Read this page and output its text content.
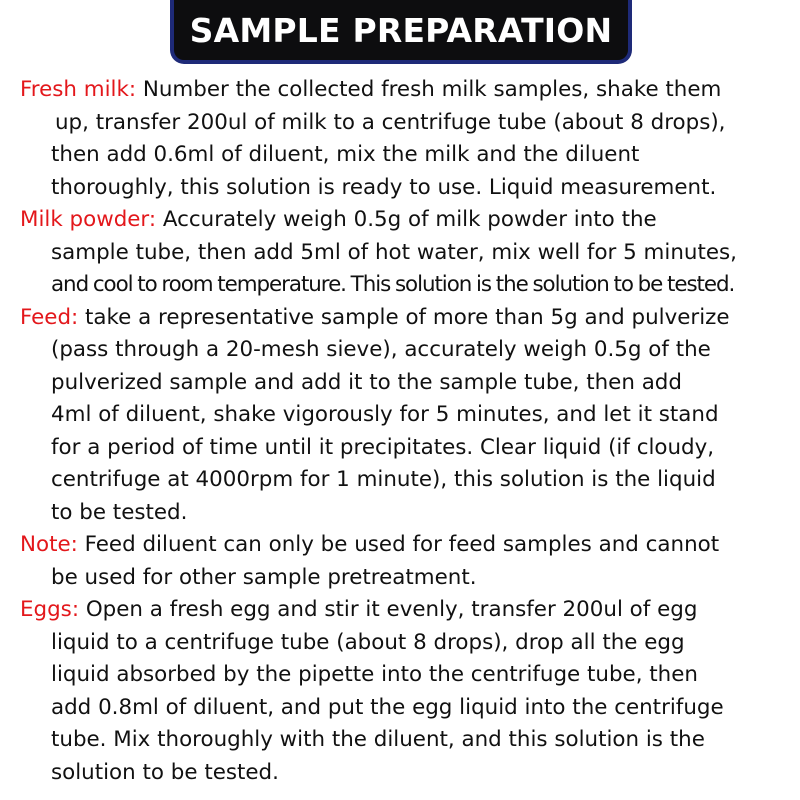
SAMPLE PREPARATION
Fresh milk: Number the collected fresh milk samples, shake them
up, transfer 200ul of milk to a centrifuge tube (about 8 drops),
then add 0.6ml of diluent, mix the milk and the diluent
thoroughly, this solution is ready to use. Liquid measurement.
Milk powder: Accurately weigh 0.5g of milk powder into the
sample tube, then add 5ml of hot water, mix well for 5 minutes,
and cool to room temperature. This solution is the solution to be tested.
Feed: take a representative sample of more than 5g and pulverize
(pass through a 20-mesh sieve), accurately weigh 0.5g of the
pulverized sample and add it to the sample tube, then add
4ml of diluent, shake vigorously for 5 minutes, and let it stand
for a period of time until it precipitates. Clear liquid (if cloudy,
centrifuge at 4000rpm for 1 minute), this solution is the liquid
to be tested.
Note: Feed diluent can only be used for feed samples and cannot
be used for other sample pretreatment.
Eggs: Open a fresh egg and stir it evenly, transfer 200ul of egg
liquid to a centrifuge tube (about 8 drops), drop all the egg
liquid absorbed by the pipette into the centrifuge tube, then
add 0.8ml of diluent, and put the egg liquid into the centrifuge
tube. Mix thoroughly with the diluent, and this solution is the
solution to be tested.
